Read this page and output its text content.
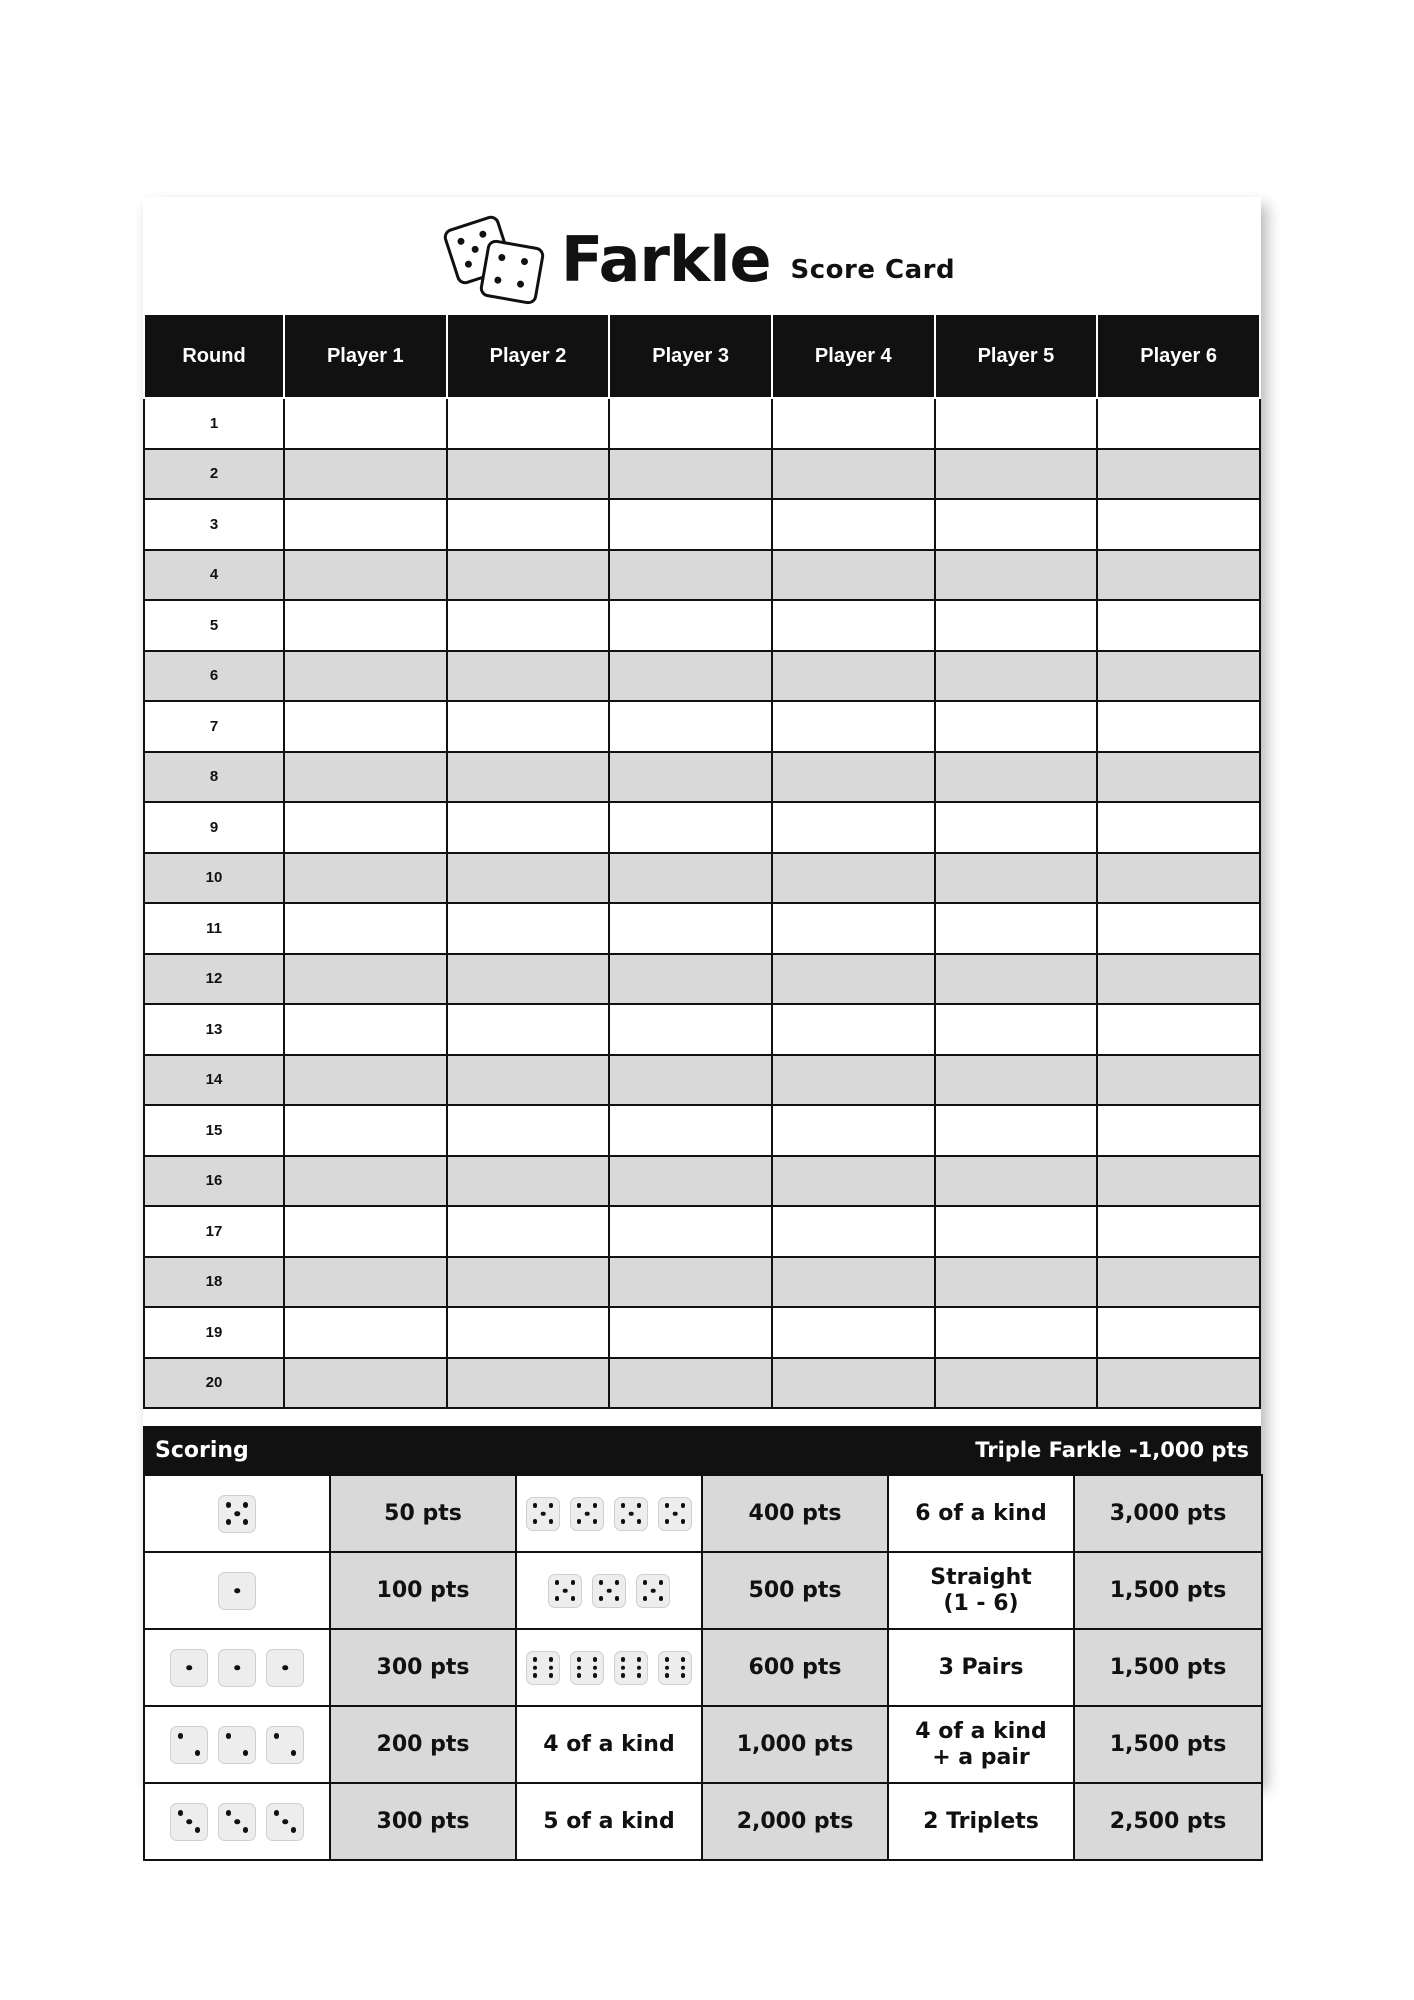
Farkle Score Card
Round	Player 1	Player 2	Player 3	Player 4	Player 5	Player 6
1						
2						
3						
4						
5						
6						
7						
8						
9						
10						
11						
12						
13						
14						
15						
16						
17						
18						
19						
20						
Scoring	Triple Farkle -1,000 pts
	50 pts		400 pts	6 of a kind	3,000 pts

	100 pts		500 pts	Straight
(1 - 6)	1,500 pts

	300 pts		600 pts	3 Pairs	1,500 pts

	200 pts	4 of a kind	1,000 pts	4 of a kind
+ a pair	1,500 pts

	300 pts	5 of a kind	2,000 pts	2 Triplets	2,500 pts
